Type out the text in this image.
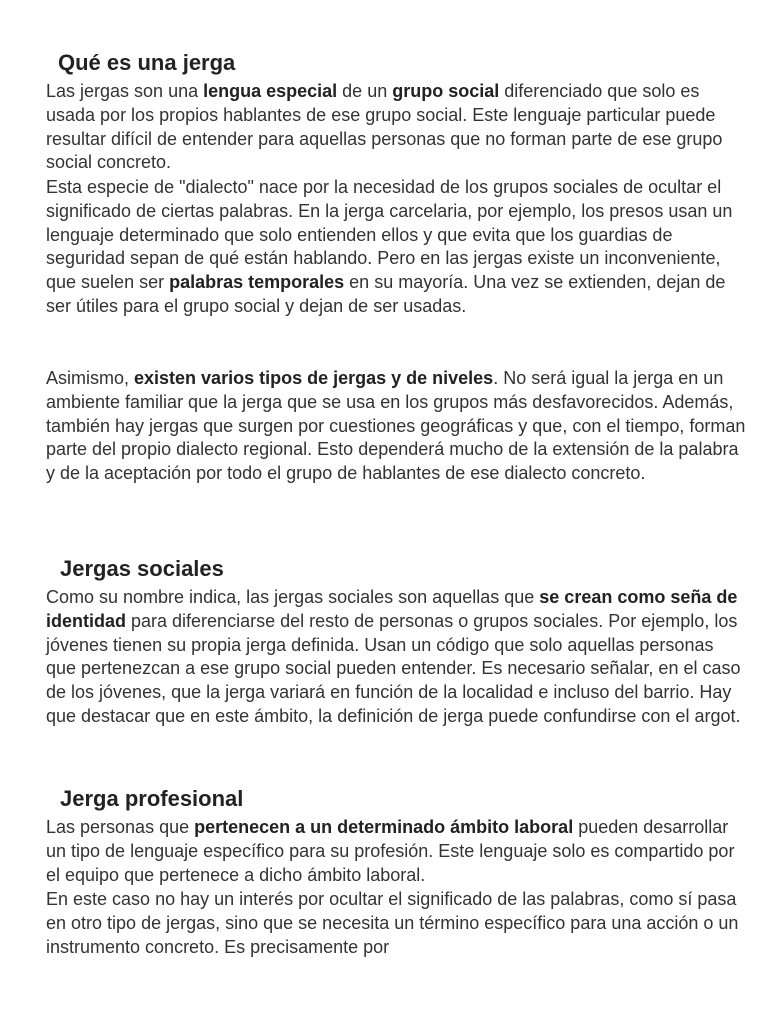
Qué es una jerga

Las jergas son una lengua especial de un grupo social diferenciado que solo es usada por los propios hablantes de ese grupo social. Este lenguaje particular puede resultar difícil de entender para aquellas personas que no forman parte de ese grupo social concreto.

Esta especie de "dialecto" nace por la necesidad de los grupos sociales de ocultar el significado de ciertas palabras. En la jerga carcelaria, por ejemplo, los presos usan un lenguaje determinado que solo entienden ellos y que evita que los guardias de seguridad sepan de qué están hablando. Pero en las jergas existe un inconveniente, que suelen ser palabras temporales en su mayoría. Una vez se extienden, dejan de ser útiles para el grupo social y dejan de ser usadas.

Asimismo, existen varios tipos de jergas y de niveles. No será igual la jerga en un ambiente familiar que la jerga que se usa en los grupos más desfavorecidos. Además, también hay jergas que surgen por cuestiones geográficas y que, con el tiempo, forman parte del propio dialecto regional. Esto dependerá mucho de la extensión de la palabra y de la aceptación por todo el grupo de hablantes de ese dialecto concreto.

Jergas sociales

Como su nombre indica, las jergas sociales son aquellas que se crean como seña de identidad para diferenciarse del resto de personas o grupos sociales. Por ejemplo, los jóvenes tienen su propia jerga definida. Usan un código que solo aquellas personas que pertenezcan a ese grupo social pueden entender. Es necesario señalar, en el caso de los jóvenes, que la jerga variará en función de la localidad e incluso del barrio. Hay que destacar que en este ámbito, la definición de jerga puede confundirse con el argot.

Jerga profesional

Las personas que pertenecen a un determinado ámbito laboral pueden desarrollar un tipo de lenguaje específico para su profesión. Este lenguaje solo es compartido por el equipo que pertenece a dicho ámbito laboral.

En este caso no hay un interés por ocultar el significado de las palabras, como sí pasa en otro tipo de jergas, sino que se necesita un término específico para una acción o un instrumento concreto. Es precisamente por
